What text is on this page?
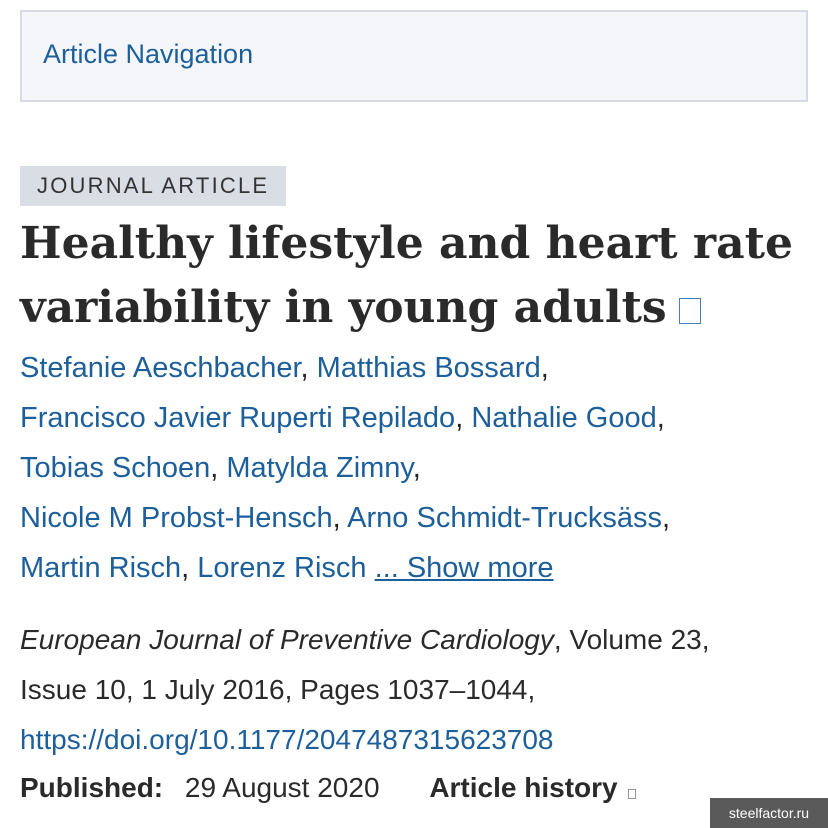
Article Navigation
JOURNAL ARTICLE
Healthy lifestyle and heart rate
variability in young adults
Stefanie Aeschbacher, Matthias Bossard,
Francisco Javier Ruperti Repilado, Nathalie Good,
Tobias Schoen, Matylda Zimny,
Nicole M Probst-Hensch, Arno Schmidt-Trucksäss,
Martin Risch, Lorenz Risch ... Show more
European Journal of Preventive Cardiology, Volume 23,
Issue 10, 1 July 2016, Pages 1037–1044,
https://doi.org/10.1177/2047487315623708
Published: 29 August 2020 Article history
steelfactor.ru
